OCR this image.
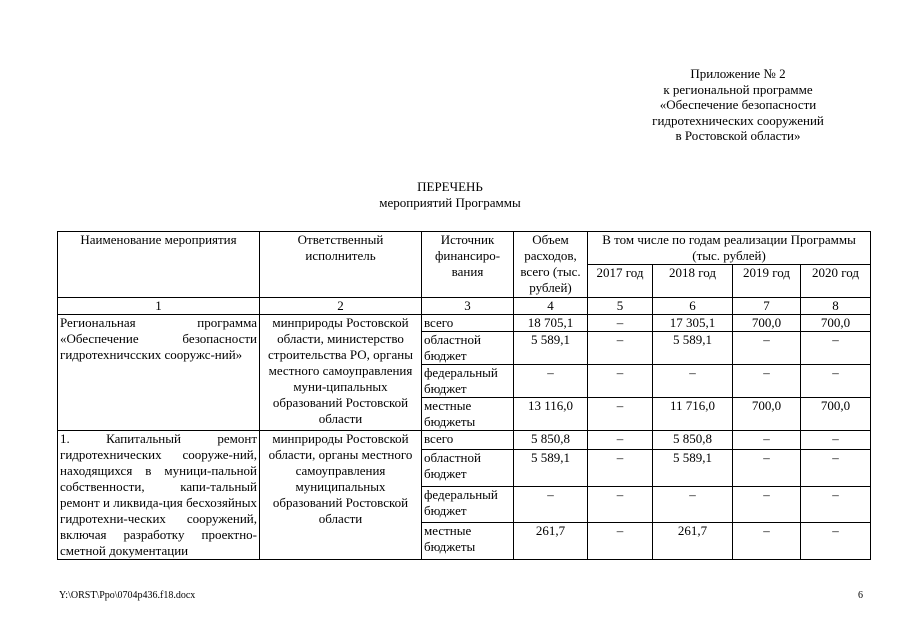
Приложение № 2
к региональной программе
«Обеспечение безопасности
гидротехнических сооружений
в Ростовской области»
ПЕРЕЧЕНЬ
мероприятий Программы
Наименование мероприятия	Ответственный исполнитель	Источник финансиро-вания	Объем расходов, всего (тыс. рублей)	В том числе по годам реализации Программы (тыс. рублей)			
				2017 год	2018 год	2019 год	2020 год
1	2	3	4	5	6	7	8
Региональная программа «Обеспечение безопасности гидротехничсских сооружс-ний»	минприроды Ростовской области, министерство строительства РО, органы местного самоуправления муни-ципальных образований Ростовской области	всего	18 705,1	–	17 305,1	700,0	700,0
		областной бюджет	5 589,1	–	5 589,1	–	–
		федеральный бюджет	–	–	–	–	–
		местные бюджеты	13 116,0	–	11 716,0	700,0	700,0
1. Капитальный ремонт гидротехнических сооруже-ний, находящихся в муници-пальной собственности, капи-тальный ремонт и ликвида-ция бесхозяйных гидротехни-ческих сооружений, включая разработку проектно-сметной документации	минприроды Ростовской области, органы местного самоуправления муниципальных образований Ростовской области	всего	5 850,8	–	5 850,8	–	–
		областной бюджет	5 589,1	–	5 589,1	–	–
		федеральный бюджет	–	–	–	–	–
		местные бюджеты	261,7	–	261,7	–	–
Y:\ORST\Ppo\0704p436.f18.docx	6
